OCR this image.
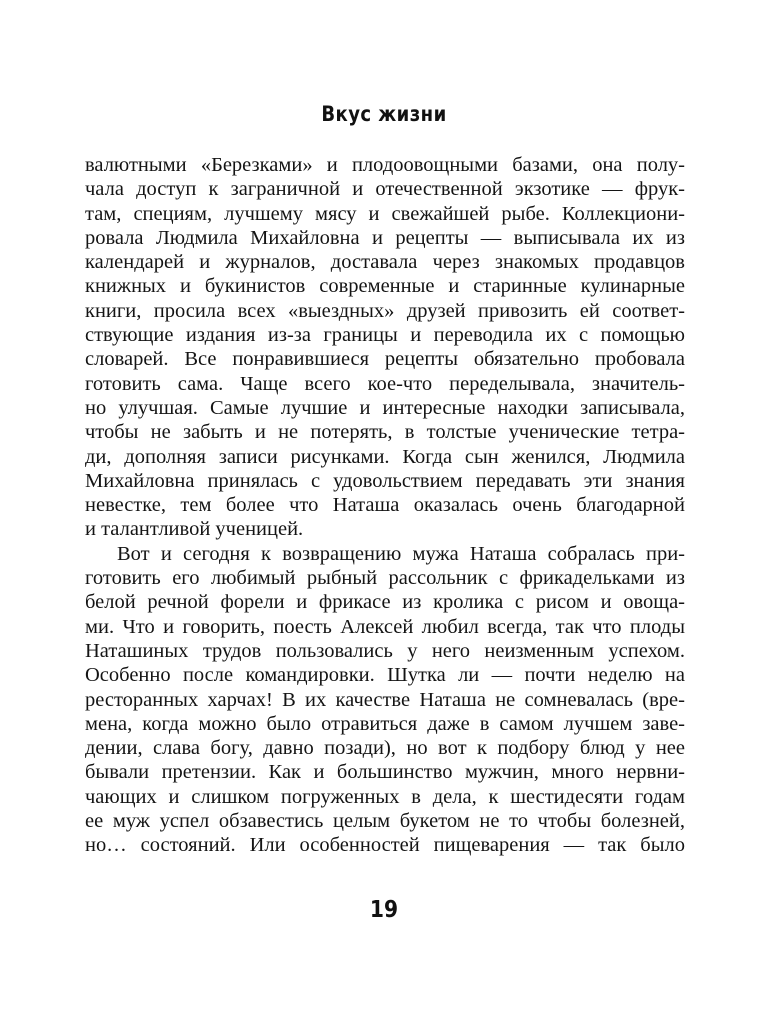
Вкус жизни
валютными «Березками» и плодоовощными базами, она полу-
чала доступ к заграничной и отечественной экзотике — фрук-
там, специям, лучшему мясу и свежайшей рыбе. Коллекциони-
ровала Людмила Михайловна и рецепты — выписывала их из
календарей и журналов, доставала через знакомых продавцов
книжных и букинистов современные и старинные кулинарные
книги, просила всех «выездных» друзей привозить ей соответ-
ствующие издания из-за границы и переводила их с помощью
словарей. Все понравившиеся рецепты обязательно пробовала
готовить сама. Чаще всего кое-что переделывала, значитель-
но улучшая. Самые лучшие и интересные находки записывала,
чтобы не забыть и не потерять, в толстые ученические тетра-
ди, дополняя записи рисунками. Когда сын женился, Людмила
Михайловна принялась с удовольствием передавать эти знания
невестке, тем более что Наташа оказалась очень благодарной
и талантливой ученицей.
Вот и сегодня к возвращению мужа Наташа собралась при-
готовить его любимый рыбный рассольник с фрикадельками из
белой речной форели и фрикасе из кролика с рисом и овоща-
ми. Что и говорить, поесть Алексей любил всегда, так что плоды
Наташиных трудов пользовались у него неизменным успехом.
Особенно после командировки. Шутка ли — почти неделю на
ресторанных харчах! В их качестве Наташа не сомневалась (вре-
мена, когда можно было отравиться даже в самом лучшем заве-
дении, слава богу, давно позади), но вот к подбору блюд у нее
бывали претензии. Как и большинство мужчин, много нервни-
чающих и слишком погруженных в дела, к шестидесяти годам
ее муж успел обзавестись целым букетом не то чтобы болезней,
но… состояний. Или особенностей пищеварения — так было
19
